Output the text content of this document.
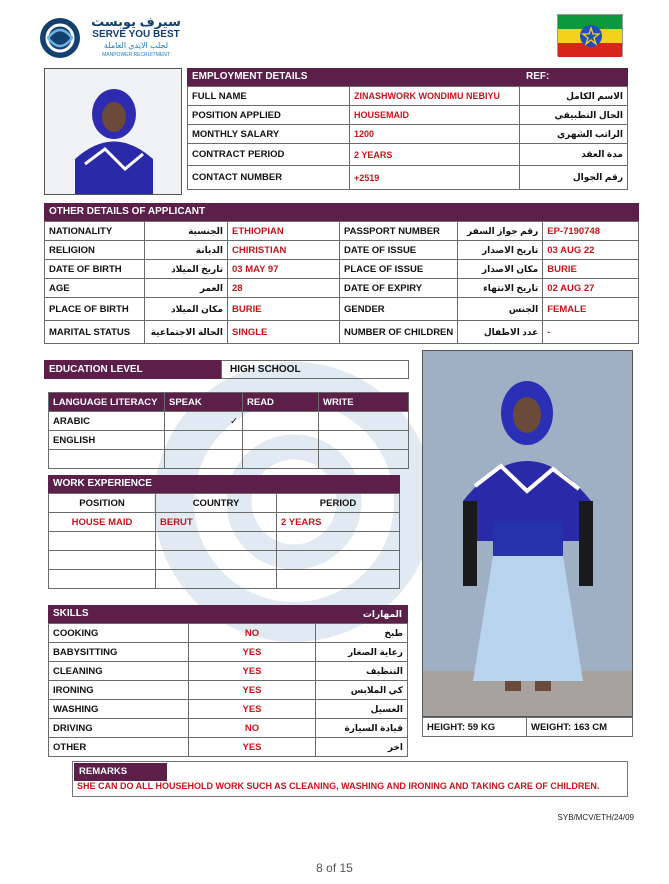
سيرف يوبست
SERVE YOU BEST
لجلب الايدي العاملة
MANPOWER RECRUITMENT
EMPLOYMENT DETAILS	REF:
FULL NAME	ZINASHWORK WONDIMU NEBIYU	الاسم الكامل
POSITION APPLIED	HOUSEMAID	الحال التطبيقي
MONTHLY SALARY	1200	الراتب الشهري
CONTRACT PERIOD	2 YEARS	مدة العقد
CONTACT NUMBER	+2519	رقم الجوال
OTHER DETAILS OF APPLICANT
NATIONALITY	الجنسية	ETHIOPIAN	PASSPORT NUMBER	رقم جواز السفر	EP-7190748
RELIGION	الديانة	CHIRISTIAN	DATE OF ISSUE	تاريخ الاصدار	03 AUG 22
DATE OF BIRTH	تاريخ الميلاد	03 MAY 97	PLACE OF ISSUE	مكان الاصدار	BURIE
AGE	العمر	28	DATE OF EXPIRY	تاريخ الانتهاء	02 AUG 27
PLACE OF BIRTH	مكان الميلاد	BURIE	GENDER	الجنس	FEMALE
MARITAL STATUS	الحالة الاجتماعية	SINGLE	NUMBER OF CHILDREN	عدد الاطفال	-
EDUCATION LEVEL	HIGH SCHOOL
LANGUAGE LITERACY	SPEAK	READ	WRITE
ARABIC	✓		
ENGLISH			

WORK EXPERIENCE
POSITION	COUNTRY	PERIOD
HOUSE MAID	BERUT	2 YEARS

SKILLS	المهارات
COOKING	NO	طبخ
BABYSITTING	YES	رعاية الصغار
CLEANING	YES	التنظيف
IRONING	YES	كي الملابس
WASHING	YES	الغسيل
DRIVING	NO	قيادة السيارة
OTHER	YES	اخر
HEIGHT: 59 KG	WEIGHT: 163 CM
REMARKS
SHE CAN DO ALL HOUSEHOLD WORK SUCH AS CLEANING, WASHING AND IRONING AND TAKING CARE OF CHILDREN.
SYB/MCV/ETH/24/09
8 of 15
